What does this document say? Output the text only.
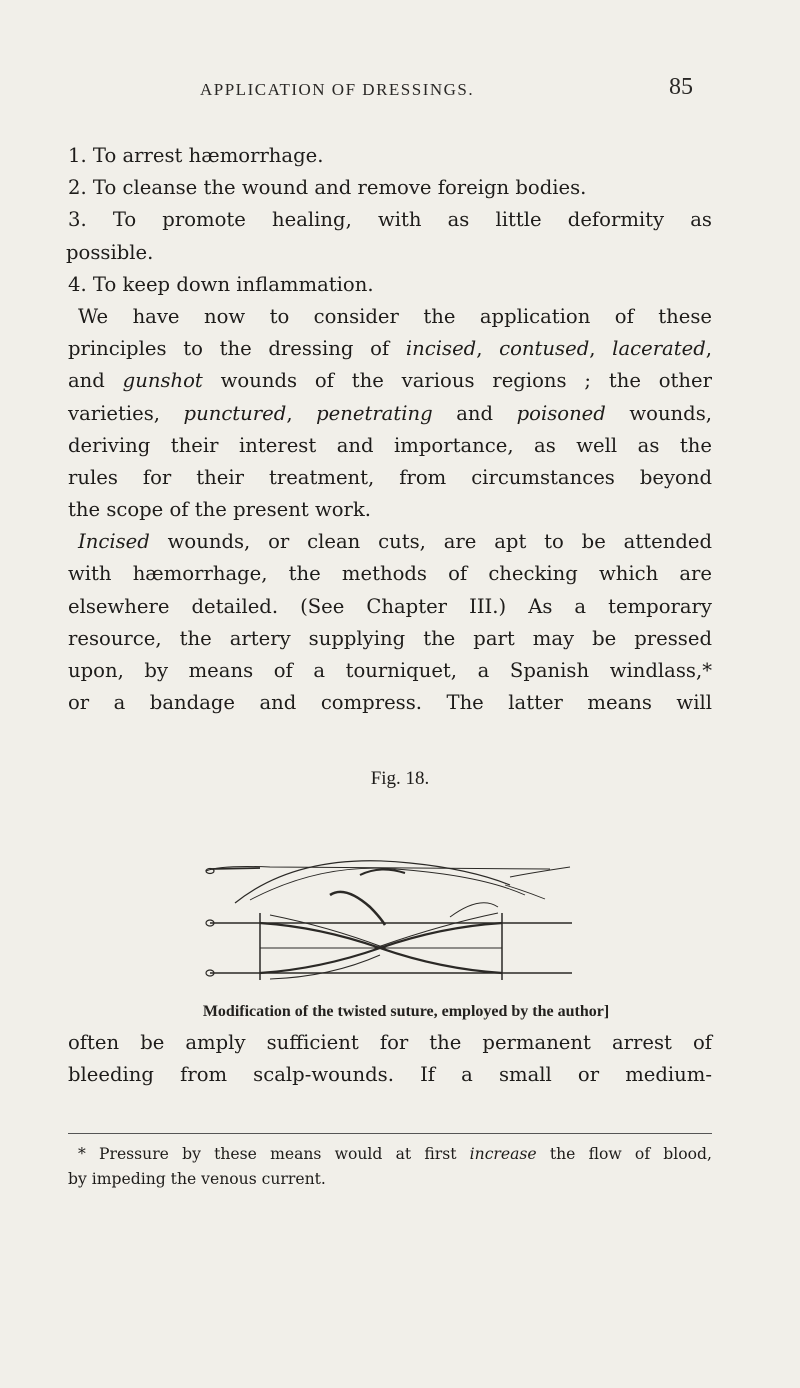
APPLICATION OF DRESSINGS.	85
1. To arrest hæmorrhage.
2. To cleanse the wound and remove foreign bodies.
3. To promote healing, with as little deformity as
possible.
4. To keep down inflammation.
We have now to consider the application of these
principles to the dressing of incised, contused, lacerated,
and gunshot wounds of the various regions ; the other
varieties, punctured, penetrating and poisoned wounds,
deriving their interest and importance, as well as the
rules for their treatment, from circumstances beyond
the scope of the present work.
Incised wounds, or clean cuts, are apt to be attended
with hæmorrhage, the methods of checking which are
elsewhere detailed. (See Chapter III.) As a temporary
resource, the artery supplying the part may be pressed
upon, by means of a tourniquet, a Spanish windlass,*
or a bandage and compress. The latter means will
Fig. 18.
Modification of the twisted suture, employed by the author]
often be amply sufficient for the permanent arrest of
bleeding from scalp-wounds. If a small or medium-
* Pressure by these means would at first increase the flow of blood,
by impeding the venous current.
